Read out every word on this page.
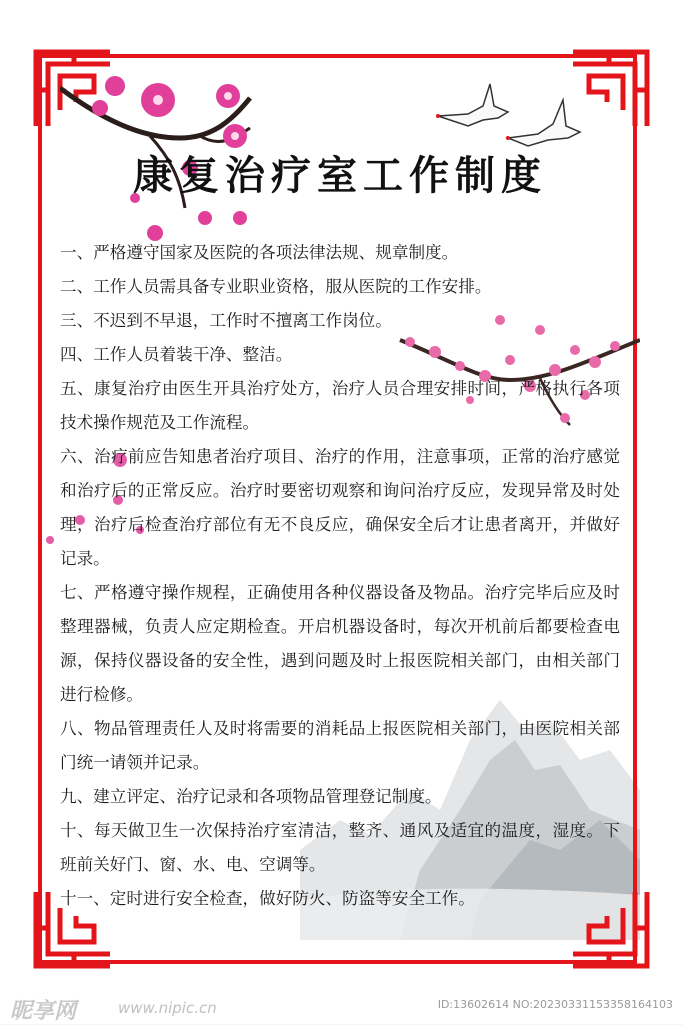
康复治疗室工作制度

一、严格遵守国家及医院的各项法律法规、规章制度。

二、工作人员需具备专业职业资格，服从医院的工作安排。

三、不迟到不早退，工作时不擅离工作岗位。

四、工作人员着装干净、整洁。

五、康复治疗由医生开具治疗处方，治疗人员合理安排时间，严格执行各项技术操作规范及工作流程。

六、治疗前应告知患者治疗项目、治疗的作用，注意事项，正常的治疗感觉和治疗后的正常反应。治疗时要密切观察和询问治疗反应，发现异常及时处理，治疗后检查治疗部位有无不良反应，确保安全后才让患者离开，并做好记录。

七、严格遵守操作规程，正确使用各种仪器设备及物品。治疗完毕后应及时整理器械，负责人应定期检查。开启机器设备时，每次开机前后都要检查电源，保持仪器设备的安全性，遇到问题及时上报医院相关部门，由相关部门进行检修。

八、物品管理责任人及时将需要的消耗品上报医院相关部门，由医院相关部门统一请领并记录。

九、建立评定、治疗记录和各项物品管理登记制度。

十、每天做卫生一次保持治疗室清洁，整齐、通风及适宜的温度，湿度。下班前关好门、窗、水、电、空调等。

十一、定时进行安全检查，做好防火、防盗等安全工作。

昵享网	www.nipic.cn	ID:13602614 NO:20230331153358164103
